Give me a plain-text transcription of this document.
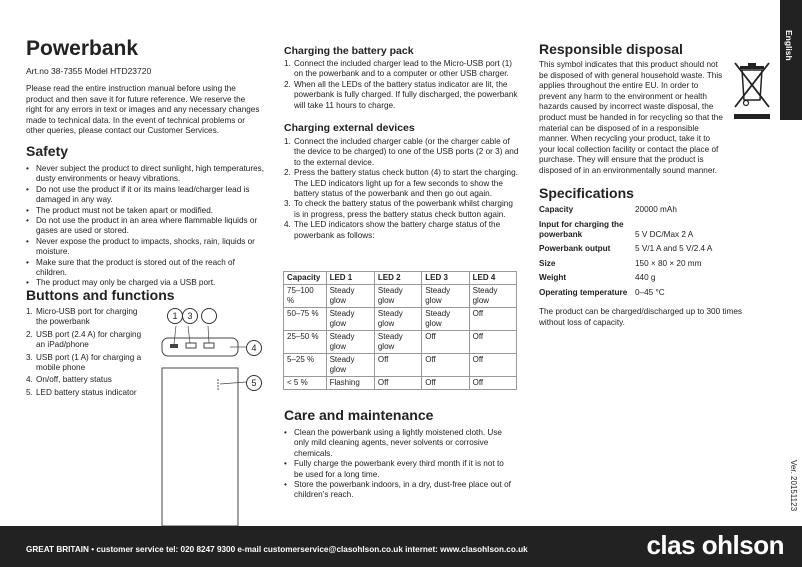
English
Powerbank
Art.no 38-7355 Model HTD23720
Please read the entire instruction manual before using the product and then save it for future reference. We reserve the right for any errors in text or images and any necessary changes made to technical data. In the event of technical problems or other queries, please contact our Customer Services.
Safety
• Never subject the product to direct sunlight, high temperatures, dusty environments or heavy vibrations.
• Do not use the product if it or its mains lead/charger lead is damaged in any way.
• The product must not be taken apart or modified.
• Do not use the product in an area where flammable liquids or gases are used or stored.
• Never expose the product to impacts, shocks, rain, liquids or moisture.
• Make sure that the product is stored out of the reach of children.
• The product may only be charged via a USB port.
Buttons and functions
1. Micro-USB port for charging the powerbank
2. USB port (2.4 A) for charging an iPad/phone
3. USB port (1 A) for charging a mobile phone
4. On/off, battery status
5. LED battery status indicator
1	3
4
5
Charging the battery pack
1. Connect the included charger lead to the Micro-USB port (1) on the powerbank and to a computer or other USB charger.
2. When all the LEDs of the battery status indicator are lit, the powerbank is fully charged. If fully discharged, the powerbank will take 11 hours to charge.
Charging external devices
1. Connect the included charger cable (or the charger cable of the device to be charged) to one of the USB ports (2 or 3) and to the external device.
2. Press the battery status check button (4) to start the charging. The LED indicators light up for a few seconds to show the battery status of the powerbank and then go out again.
3. To check the battery status of the powerbank whilst charging is in progress, press the battery status check button again.
4. The LED indicators show the battery charge status of the powerbank as follows:
Capacity	LED 1	LED 2	LED 3	LED 4
75–100 %	Steady glow	Steady glow	Steady glow	Steady glow
50–75 %	Steady glow	Steady glow	Steady glow	Off
25–50 %	Steady glow	Steady glow	Off	Off
5–25 %	Steady glow	Off	Off	Off
< 5 %	Flashing	Off	Off	Off
Care and maintenance
• Clean the powerbank using a lightly moistened cloth. Use only mild cleaning agents, never solvents or corrosive chemicals.
• Fully charge the powerbank every third month if it is not to be used for a long time.
• Store the powerbank indoors, in a dry, dust-free place out of children’s reach.
Responsible disposal
This symbol indicates that this product should not be disposed of with general household waste. This applies throughout the entire EU. In order to prevent any harm to the environment or health hazards caused by incorrect waste disposal, the product must be handed in for recycling so that the material can be disposed of in a responsible manner. When recycling your product, take it to your local collection facility or contact the place of purchase. They will ensure that the product is disposed of in an environmentally sound manner.
Specifications
Capacity	20000 mAh
Input for charging the powerbank	5 V DC/Max 2 A
Powerbank output	5 V/1 A and 5 V/2.4 A
Size	150 × 80 × 20 mm
Weight	440 g
Operating temperature	0–45 °C
The product can be charged/discharged up to 300 times without loss of capacity.
Ver. 20151123
GREAT BRITAIN • customer service tel: 020 8247 9300 e-mail customerservice@clasohlson.co.uk internet: www.clasohlson.co.uk	clas ohlson
